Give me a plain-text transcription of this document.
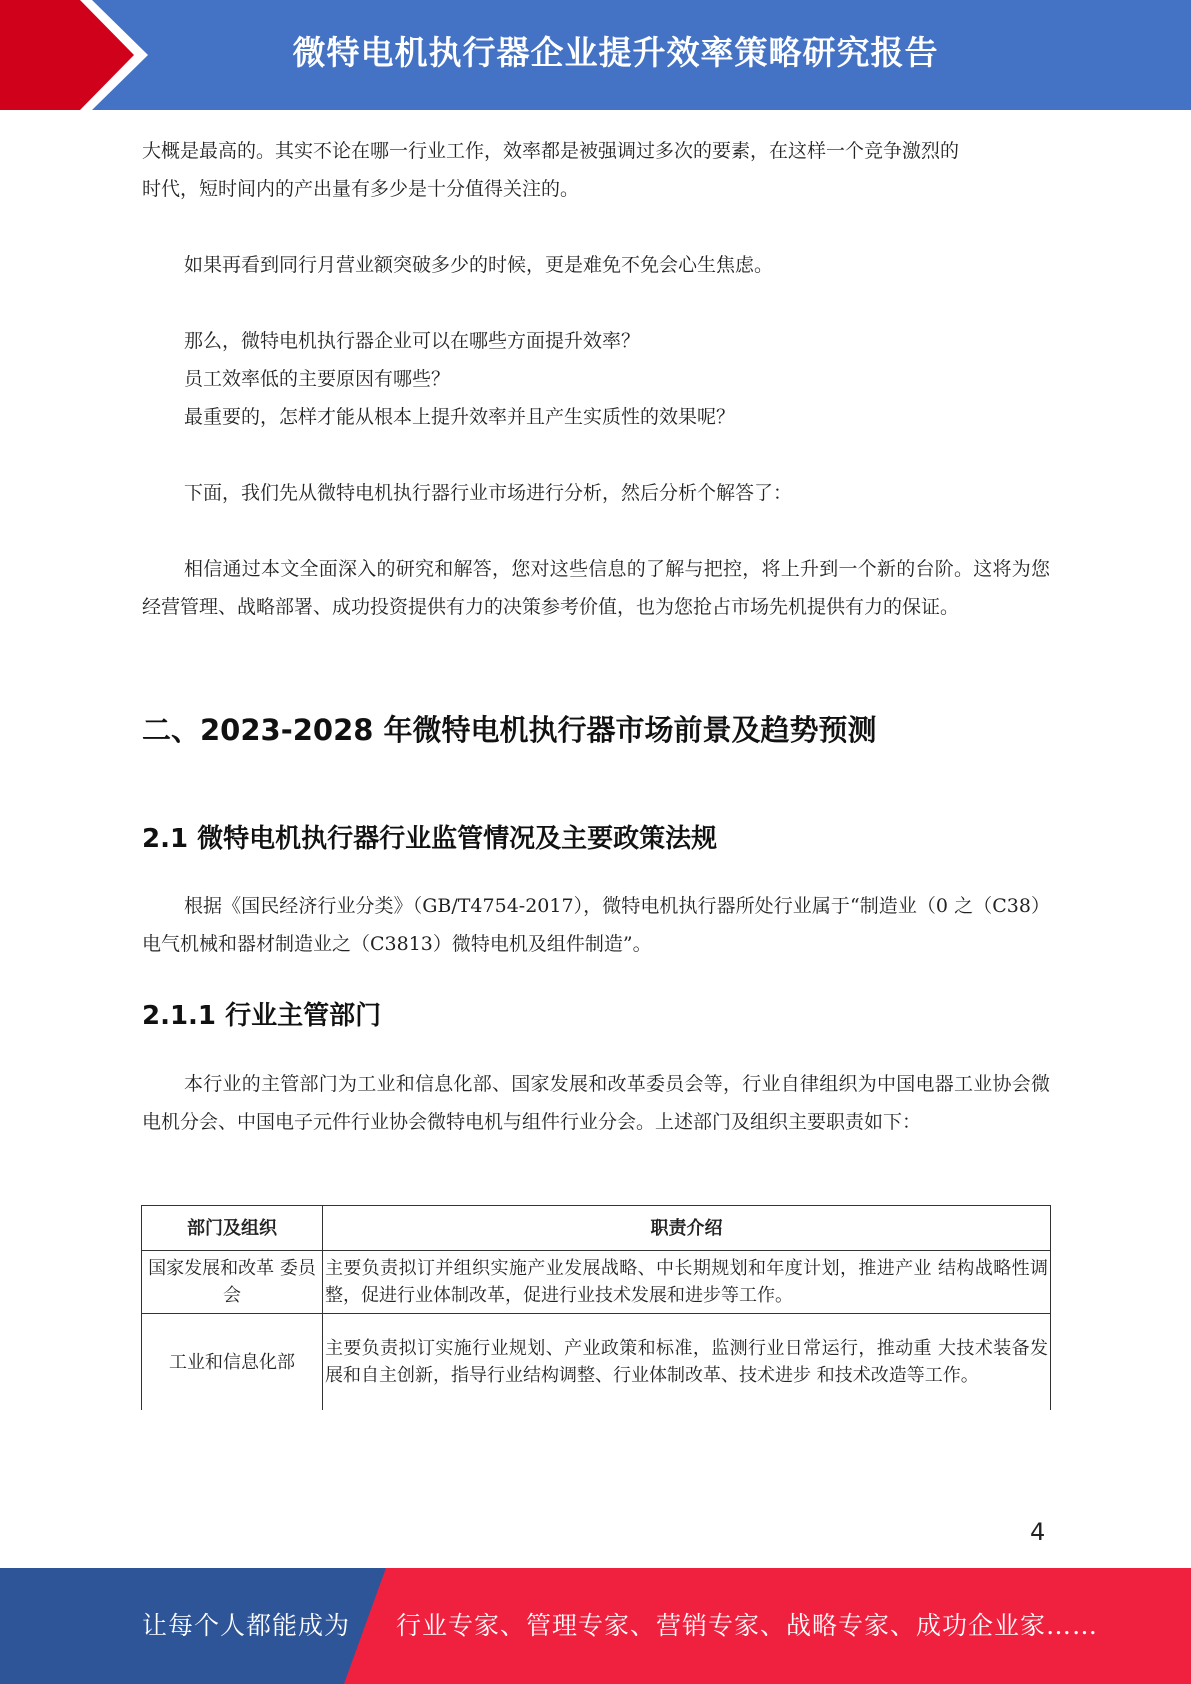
微特电机执行器企业提升效率策略研究报告

大概是最高的。其实不论在哪一行业工作，效率都是被强调过多次的要素，在这样一个竞争激烈的

时代，短时间内的产出量有多少是十分值得关注的。

如果再看到同行月营业额突破多少的时候，更是难免不免会心生焦虑。

那么，微特电机执行器企业可以在哪些方面提升效率？

员工效率低的主要原因有哪些？

最重要的，怎样才能从根本上提升效率并且产生实质性的效果呢？

下面，我们先从微特电机执行器行业市场进行分析，然后分析个解答了：

相信通过本文全面深入的研究和解答，您对这些信息的了解与把控，将上升到一个新的台阶。这将为您经营管理、战略部署、成功投资提供有力的决策参考价值，也为您抢占市场先机提供有力的保证。

二、2023-2028 年微特电机执行器市场前景及趋势预测
2.1 微特电机执行器行业监管情况及主要政策法规

根据《国民经济行业分类》（GB/T4754-2017），微特电机执行器所处行业属于“制造业（0 之（C38）电气机械和器材制造业之（C3813）微特电机及组件制造”。

2.1.1 行业主管部门

本行业的主管部门为工业和信息化部、国家发展和改革委员会等，行业自律组织为中国电器工业协会微电机分会、中国电子元件行业协会微特电机与组件行业分会。上述部门及组织主要职责如下：

部门及组织	职责介绍
国家发展和改革 委员会	主要负责拟订并组织实施产业发展战略、中长期规划和年度计划，推进产业 结构战略性调整，促进行业体制改革，促进行业技术发展和进步等工作。
工业和信息化部	主要负责拟订实施行业规划、产业政策和标准，监测行业日常运行，推动重 大技术装备发展和自主创新，指导行业结构调整、行业体制改革、技术进步 和技术改造等工作。
4
让每个人都能成为 行业专家、管理专家、营销专家、战略专家、成功企业家……
